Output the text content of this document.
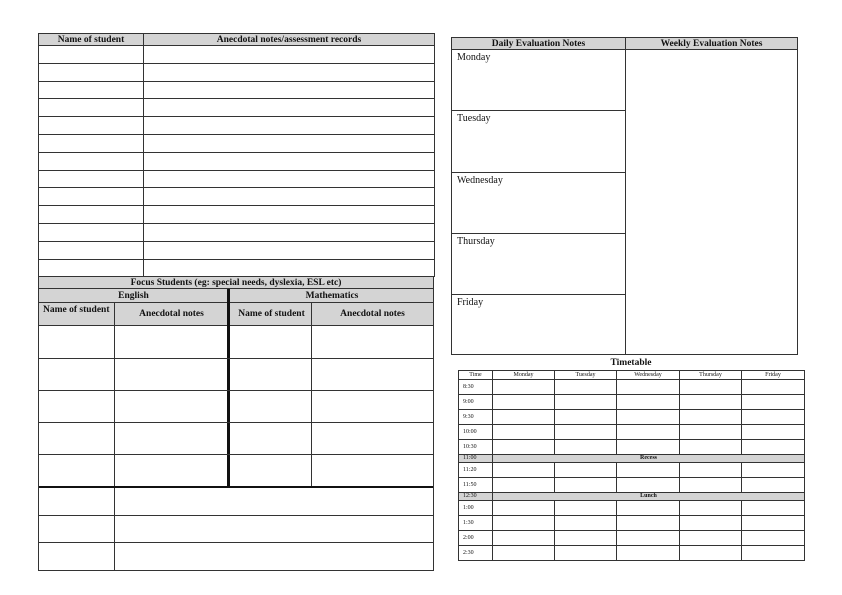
Name of student	Anecdotal notes/assessment records

Focus Students (eg: special needs, dyslexia, ESL etc)
English	Mathematics
Name of student	Anecdotal notes	Name of student	Anecdotal notes
Daily Evaluation Notes	Weekly Evaluation Notes
Monday
Tuesday
Wednesday
Thursday
Friday
Timetable
Time	Monday	Tuesday	Wednesday	Thursday	Friday
8:30					
9:00					
9:30					
10:00					
10:30					
11:00	Recess				
11:20					
11:50					
12:30	Lunch				
1:00					
1:30					
2:00					
2:30					
